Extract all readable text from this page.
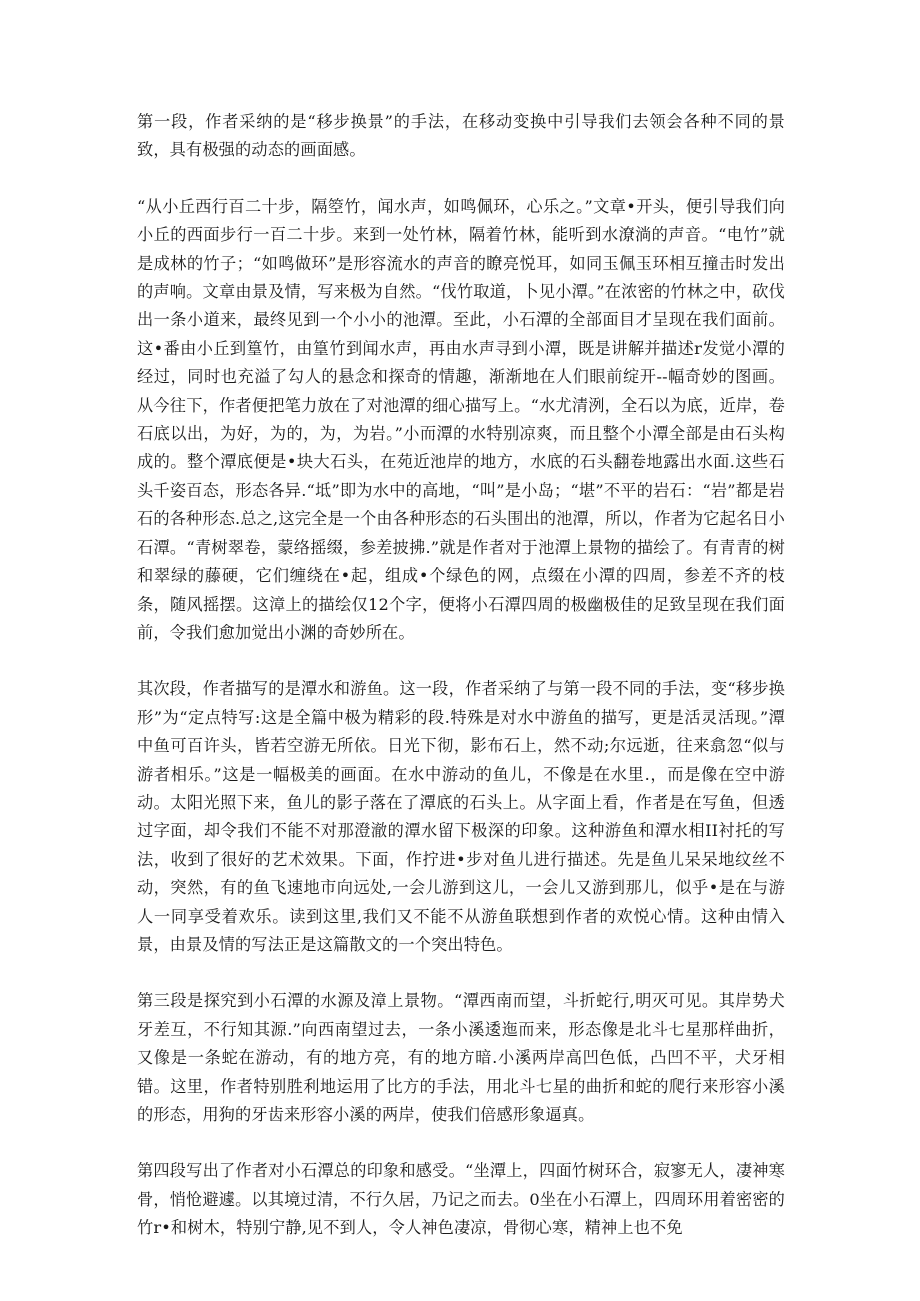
第一段，作者采纳的是“移步换景”的手法，在移动变换中引导我们去领会各种不同的景致，具有极强的动态的画面感。

“从小丘西行百二十步，隔箜竹，闻水声，如鸣佩环，心乐之。”文章•开头，便引导我们向小丘的西面步行一百二十步。来到一处竹林，隔着竹林，能听到水潦淌的声音。“电竹”就是成林的竹子；“如鸣做环”是形容流水的声音的瞭亮悦耳，如同玉佩玉环相互撞击时发出的声响。文章由景及情，写来极为自然。“伐竹取道，卜见小潭。”在浓密的竹林之中，砍伐出一条小道来，最终见到一个小小的池潭。至此，小石潭的全部面目才呈现在我们面前。这•番由小丘到篁竹，由篁竹到闻水声，再由水声寻到小潭，既是讲解并描述r发觉小潭的经过，同时也充溢了勾人的悬念和探奇的情趣，渐渐地在人们眼前绽开--幅奇妙的图画。从今往下，作者便把笔力放在了对池潭的细心描写上。“水尤清洌，全石以为底，近岸，卷石底以出，为好，为的，为，为岩。”小而潭的水特别凉爽，而且整个小潭全部是由石头构成的。整个潭底便是•块大石头，在苑近池岸的地方，水底的石头翻卷地露出水面.这些石头千姿百态，形态各异.“坻”即为水中的高地，“叫”是小岛；“堪”不平的岩石：“岩”都是岩石的各种形态.总之,这完全是一个由各种形态的石头围出的池潭，所以，作者为它起名日小石潭。“青树翠卷，蒙络摇缀，参差披拂.”就是作者对于池潭上景物的描绘了。有青青的树和翠绿的藤硬，它们缠绕在•起，组成•个绿色的网，点缀在小潭的四周，参差不齐的枝条，随风摇摆。这漳上的描绘仅12个字，便将小石潭四周的极幽极佳的足致呈现在我们面前，令我们愈加觉出小渊的奇妙所在。

其次段，作者描写的是潭水和游鱼。这一段，作者采纳了与第一段不同的手法，变“移步换形”为“定点特写:这是全篇中极为精彩的段.特殊是对水中游鱼的描写，更是活灵活现。”潭中鱼可百许头，皆若空游无所依。日光下彻，影布石上，然不动;尔远逝，往来翕忽“似与游者相乐。”这是一幅极美的画面。在水中游动的鱼儿，不像是在水里.，而是像在空中游动。太阳光照下来，鱼儿的影子落在了潭底的石头上。从字面上看，作者是在写鱼，但透过字面，却令我们不能不对那澄澈的潭水留下极深的印象。这种游鱼和潭水相II衬托的写法，收到了很好的艺术效果。下面，作拧进•步对鱼儿进行描述。先是鱼儿呆呆地纹丝不动，突然，有的鱼飞速地市向远处,一会儿游到这儿，一会儿又游到那儿，似乎•是在与游人一同享受着欢乐。读到这里,我们又不能不从游鱼联想到作者的欢悦心情。这种由情入景，由景及情的写法正是这篇散文的一个突出特色。

第三段是探究到小石潭的水源及漳上景物。“潭西南而望，斗折蛇行,明灭可见。其岸势犬牙差互，不行知其源.”向西南望过去，一条小溪逶迤而来，形态像是北斗七星那样曲折，又像是一条蛇在游动，有的地方亮，有的地方暗.小溪两岸高凹色低，凸凹不平，犬牙相错。这里，作者特别胜利地运用了比方的手法，用北斗七星的曲折和蛇的爬行来形容小溪的形态，用狗的牙齿来形容小溪的两岸，使我们倍感形象逼真。

第四段写出了作者对小石潭总的印象和感受。“坐潭上，四面竹树环合，寂寥无人，凄神寒骨，悄怆避遽。以其境过清，不行久居，乃记之而去。0坐在小石潭上，四周环用着密密的竹r•和树木，特别宁静,见不到人，令人神色凄凉，骨彻心寒，精神上也不免
